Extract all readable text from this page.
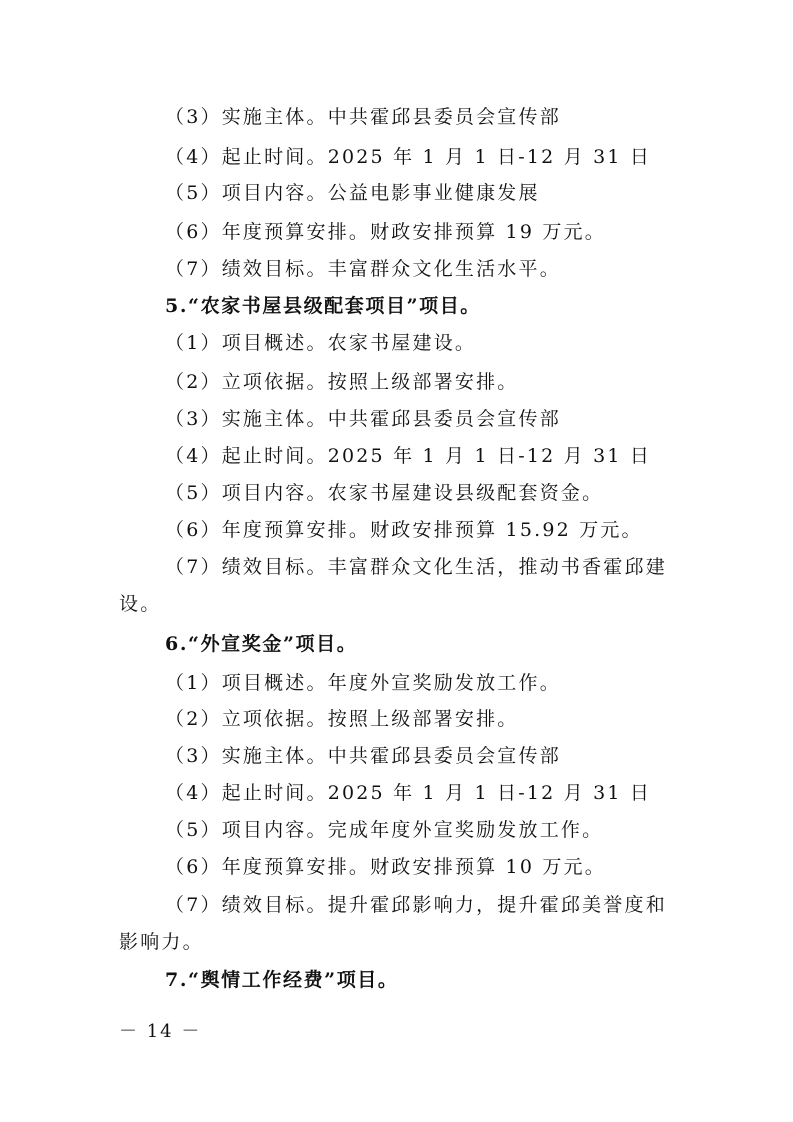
（3）实施主体。中共霍邱县委员会宣传部

（4）起止时间。2025 年 1 月 1 日-12 月 31 日

（5）项目内容。公益电影事业健康发展

（6）年度预算安排。财政安排预算 19 万元。

（7）绩效目标。丰富群众文化生活水平。

5.“农家书屋县级配套项目”项目。

（1）项目概述。农家书屋建设。

（2）立项依据。按照上级部署安排。

（3）实施主体。中共霍邱县委员会宣传部

（4）起止时间。2025 年 1 月 1 日-12 月 31 日

（5）项目内容。农家书屋建设县级配套资金。

（6）年度预算安排。财政安排预算 15.92 万元。

（7）绩效目标。丰富群众文化生活，推动书香霍邱建

设。

6.“外宣奖金”项目。

（1）项目概述。年度外宣奖励发放工作。

（2）立项依据。按照上级部署安排。

（3）实施主体。中共霍邱县委员会宣传部

（4）起止时间。2025 年 1 月 1 日-12 月 31 日

（5）项目内容。完成年度外宣奖励发放工作。

（6）年度预算安排。财政安排预算 10 万元。

（7）绩效目标。提升霍邱影响力，提升霍邱美誉度和

影响力。

7.“舆情工作经费”项目。

－ 14 －
